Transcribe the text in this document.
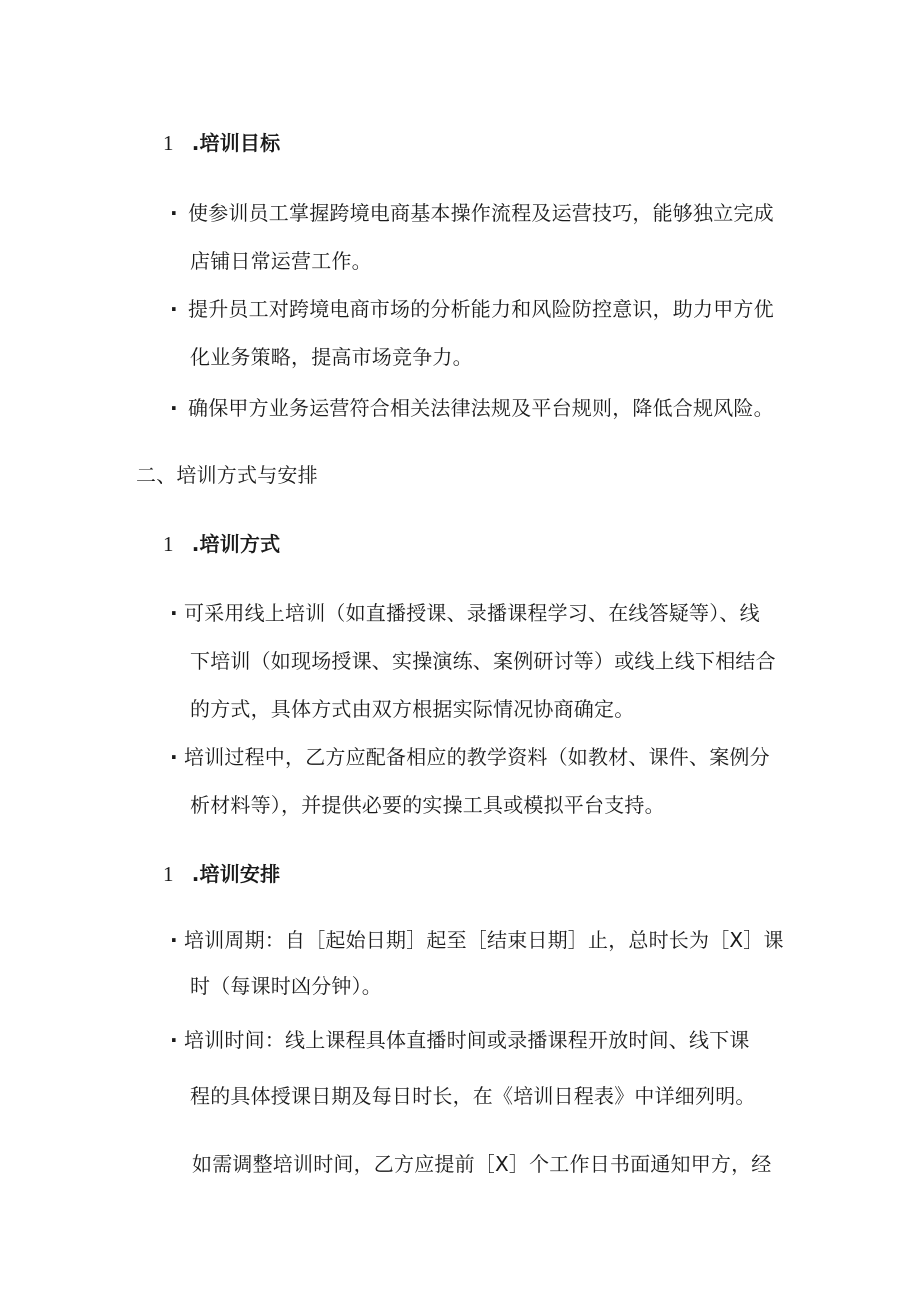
1 .培训目标
· 使参训员工掌握跨境电商基本操作流程及运营技巧，能够独立完成
店铺日常运营工作。
· 提升员工对跨境电商市场的分析能力和风险防控意识，助力甲方优
化业务策略，提高市场竞争力。
· 确保甲方业务运营符合相关法律法规及平台规则，降低合规风险。
二、培训方式与安排
1 .培训方式
· 可采用线上培训（如直播授课、录播课程学习、在线答疑等）、线
下培训（如现场授课、实操演练、案例研讨等）或线上线下相结合
的方式，具体方式由双方根据实际情况协商确定。
· 培训过程中，乙方应配备相应的教学资料（如教材、课件、案例分
析材料等），并提供必要的实操工具或模拟平台支持。
1 .培训安排
· 培训周期：自［起始日期］起至［结束日期］止，总时长为［X］课
时（每课时凶分钟）。
· 培训时间：线上课程具体直播时间或录播课程开放时间、线下课
程的具体授课日期及每日时长，在《培训日程表》中详细列明。
如需调整培训时间，乙方应提前［X］个工作日书面通知甲方，经
